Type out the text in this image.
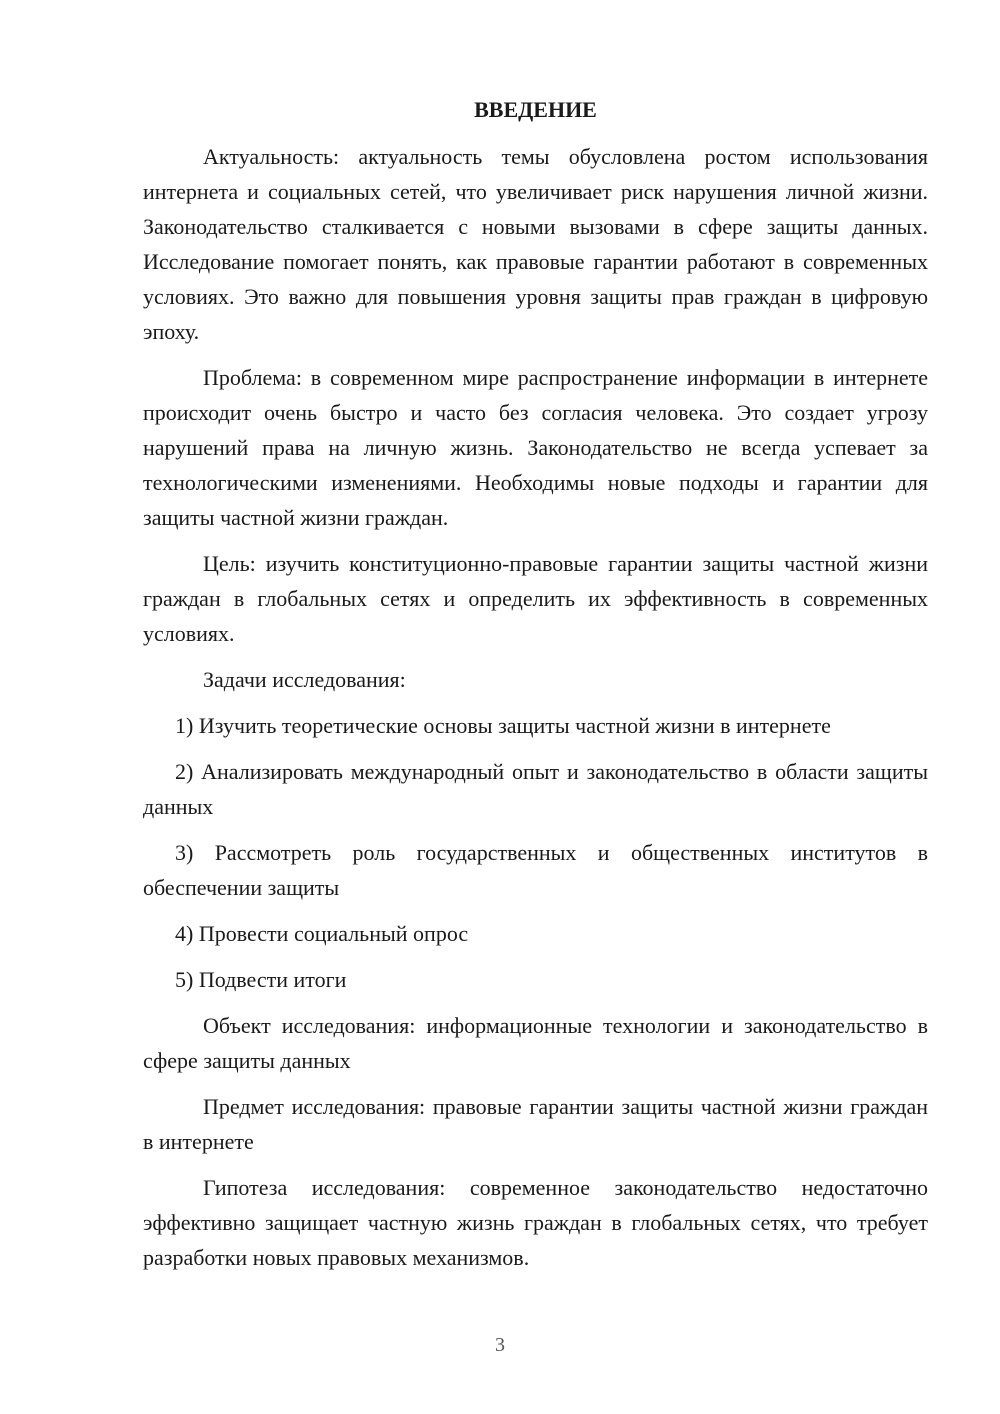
ВВЕДЕНИЕ

Актуальность: актуальность темы обусловлена ростом использования интернета и социальных сетей, что увеличивает риск нарушения личной жизни. Законодательство сталкивается с новыми вызовами в сфере защиты данных. Исследование помогает понять, как правовые гарантии работают в современных условиях. Это важно для повышения уровня защиты прав граждан в цифровую эпоху.

Проблема: в современном мире распространение информации в интернете происходит очень быстро и часто без согласия человека. Это создает угрозу нарушений права на личную жизнь. Законодательство не всегда успевает за технологическими изменениями. Необходимы новые подходы и гарантии для защиты частной жизни граждан.

Цель: изучить конституционно-правовые гарантии защиты частной жизни граждан в глобальных сетях и определить их эффективность в современных условиях.

Задачи исследования:

1) Изучить теоретические основы защиты частной жизни в интернете

2) Анализировать международный опыт и законодательство в области защиты данных

3) Рассмотреть роль государственных и общественных институтов в обеспечении защиты

4) Провести социальный опрос

5) Подвести итоги

Объект исследования: информационные технологии и законодательство в сфере защиты данных

Предмет исследования: правовые гарантии защиты частной жизни граждан в интернете

Гипотеза исследования: современное законодательство недостаточно эффективно защищает частную жизнь граждан в глобальных сетях, что требует разработки новых правовых механизмов.

3
